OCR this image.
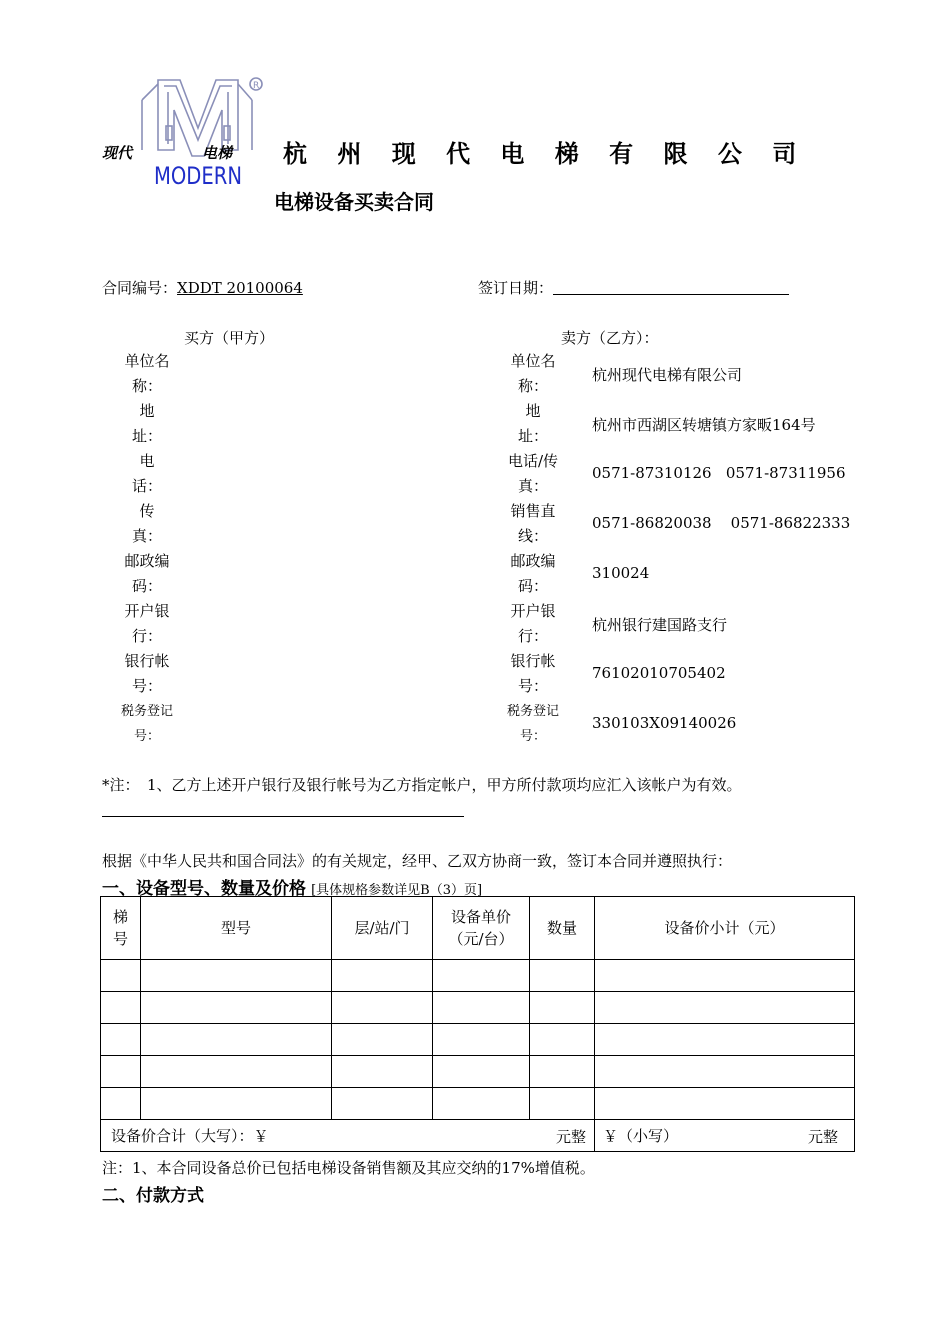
R
MODERN
现代	电梯 杭 州 现 代 电 梯 有 限 公 司
电梯设备买卖合同
合同编号：XDDT 20100064	签订日期：
买方（甲方）	卖方（乙方）：
单位名称：
地　　址：
电　　话：
传　　真：
邮政编码：
开户银行：
银行帐号：
税务登记号：
单位名称：
杭州现代电梯有限公司
地　　址：
杭州市西湖区转塘镇方家畈164号
电话/传真：
0571-87310126   0571-87311956
销售直线：
0571-86820038    0571-86822333
邮政编码：
310024
开户银行：
杭州银行建国路支行
银行帐号：
76102010705402
税务登记号：
330103X09140026
*注：　1、乙方上述开户银行及银行帐号为乙方指定帐户，甲方所付款项均应汇入该帐户为有效。
根据《中华人民共和国合同法》的有关规定，经甲、乙双方协商一致，签订本合同并遵照执行：
一、设备型号、数量及价格 [具体规格参数详见B（3）页]
梯号	型号	层/站/门	设备单价（元/台）	数量	设备价小计（元）

设备价合计（大写）：￥ 元整					￥（小写） 元整
注：1、本合同设备总价已包括电梯设备销售额及其应交纳的17%增值税。
二、付款方式
